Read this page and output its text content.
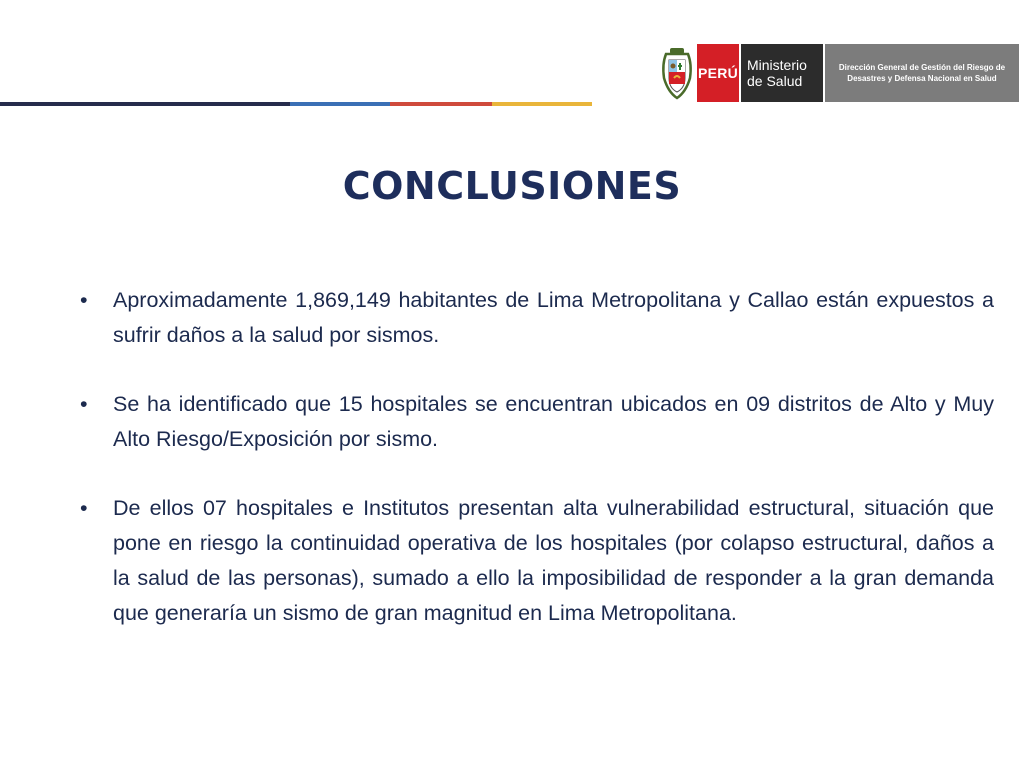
PERÚ Ministerio
de Salud
Dirección General de Gestión del Riesgo de Desastres y Defensa Nacional en Salud
CONCLUSIONES
• Aproximadamente 1,869,149 habitantes de Lima Metropolitana y Callao están expuestos a sufrir daños a la salud por sismos.
• Se ha identificado que 15 hospitales se encuentran ubicados en 09 distritos de Alto y Muy Alto Riesgo/Exposición por sismo.
• De ellos 07 hospitales e Institutos presentan alta vulnerabilidad estructural, situación que pone en riesgo la continuidad operativa de los hospitales (por colapso estructural, daños a la salud de las personas), sumado a ello la imposibilidad de responder a la gran demanda que generaría un sismo de gran magnitud en Lima Metropolitana.
